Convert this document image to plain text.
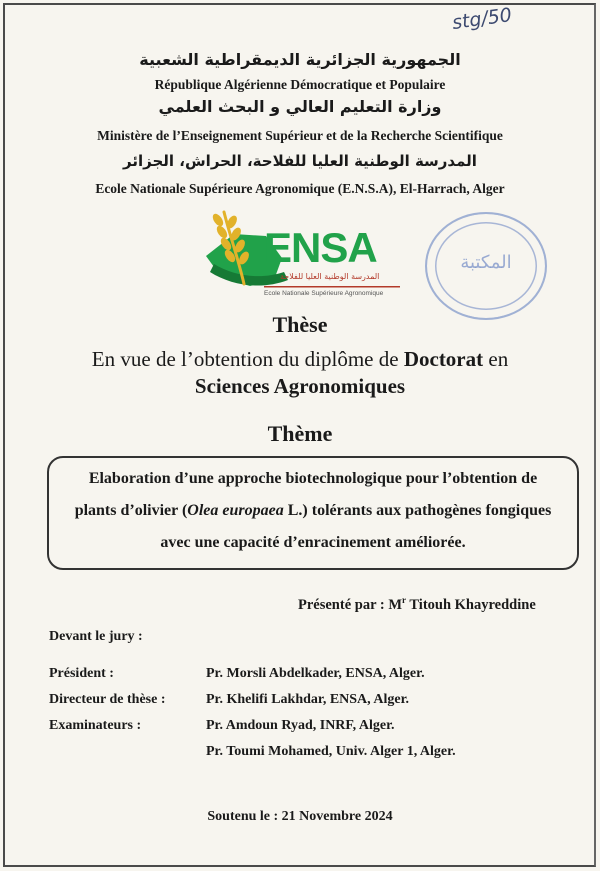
stg/50
الجمهورية الجزائرية الديمقراطية الشعبية
République Algérienne Démocratique et Populaire
وزارة التعليم العالي و البحث العلمي
Ministère de l’Enseignement Supérieur et de la Recherche Scientifique
المدرسة الوطنية العليا للفلاحة، الحراش، الجزائر
Ecole Nationale Supérieure Agronomique (E.N.S.A), El-Harrach, Alger
ENSA
المدرسة الوطنية العليا للفلاحة
Ecole Nationale Supérieure Agronomique
المكتبة
Thèse
En vue de l’obtention du diplôme de Doctorat en
Sciences Agronomiques
Thème
Elaboration d’une approche biotechnologique pour l’obtention de
plants d’olivier (Olea europaea L.) tolérants aux pathogènes fongiques
avec une capacité d’enracinement améliorée.
Présenté par : $M^r$ Titouh Khayreddine
Devant le jury :
Président :	Pr. Morsli Abdelkader, ENSA, Alger.
Directeur de thèse :	Pr. Khelifi Lakhdar, ENSA, Alger.
Examinateurs :	Pr. Amdoun Ryad, INRF, Alger.
Pr. Toumi Mohamed, Univ. Alger 1, Alger.
Soutenu le : 21 Novembre 2024
